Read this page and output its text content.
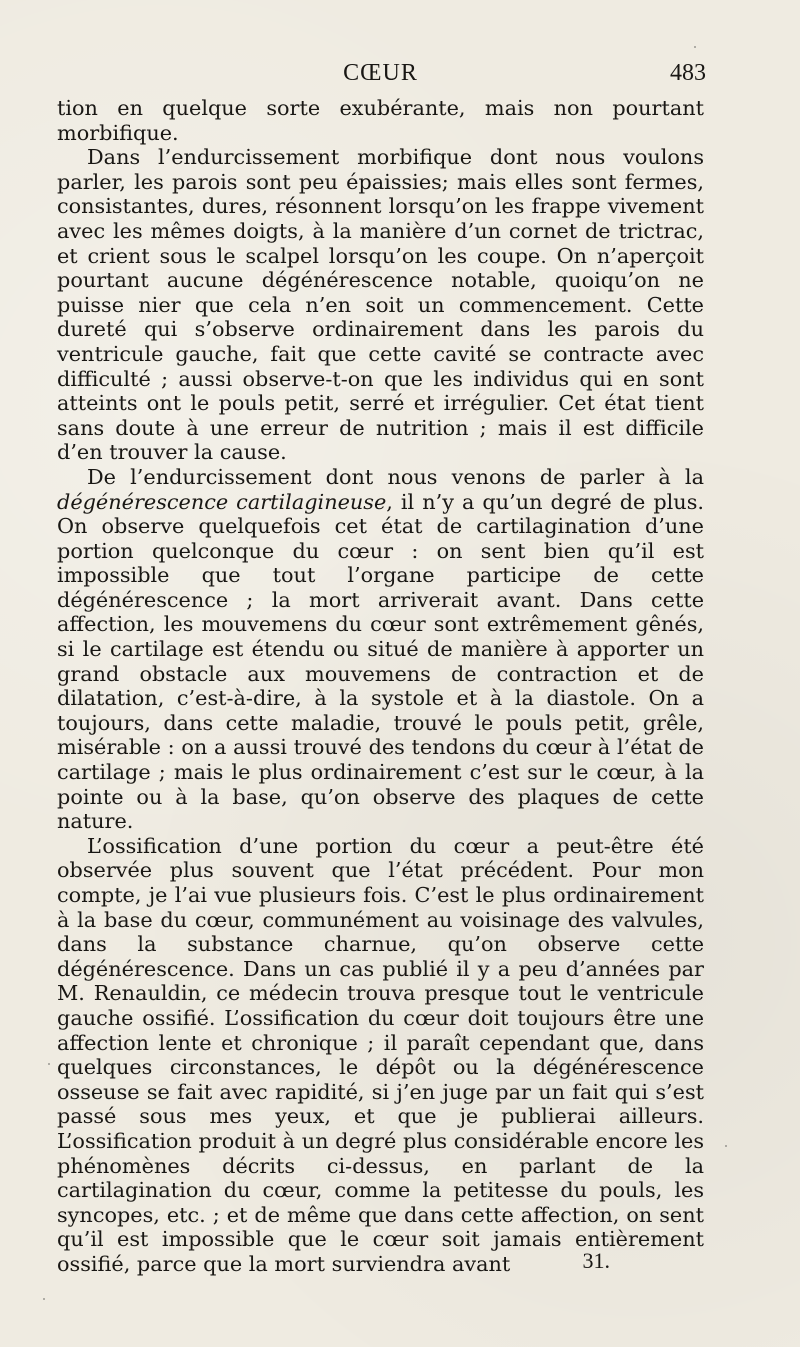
CŒUR	483

tion en quelque sorte exubérante, mais non pourtant morbifique.

Dans l’endurcissement morbifique dont nous voulons parler, les parois sont peu épaissies; mais elles sont fermes, consistantes, dures, résonnent lorsqu’on les frappe vivement avec les mêmes doigts, à la manière d’un cornet de trictrac, et crient sous le scalpel lorsqu’on les coupe. On n’aperçoit pourtant aucune dégénérescence notable, quoiqu’on ne puisse nier que cela n’en soit un commencement. Cette dureté qui s’observe ordinairement dans les parois du ventricule gauche, fait que cette cavité se contracte avec difficulté ; aussi observe-t-on que les individus qui en sont atteints ont le pouls petit, serré et irrégulier. Cet état tient sans doute à une erreur de nutrition ; mais il est difficile d’en trouver la cause.

De l’endurcissement dont nous venons de parler à la dégénérescence cartilagineuse, il n’y a qu’un degré de plus. On observe quelquefois cet état de cartilagination d’une portion quelconque du cœur : on sent bien qu’il est impossible que tout l’organe participe de cette dégénérescence ; la mort arriverait avant. Dans cette affection, les mouvemens du cœur sont extrêmement gênés, si le cartilage est étendu ou situé de manière à apporter un grand obstacle aux mouvemens de contraction et de dilatation, c’est-à-dire, à la systole et à la diastole. On a toujours, dans cette maladie, trouvé le pouls petit, grêle, misérable : on a aussi trouvé des tendons du cœur à l’état de cartilage ; mais le plus ordinairement c’est sur le cœur, à la pointe ou à la base, qu’on observe des plaques de cette nature.

L’ossification d’une portion du cœur a peut-être été observée plus souvent que l’état précédent. Pour mon compte, je l’ai vue plusieurs fois. C’est le plus ordinairement à la base du cœur, communément au voisinage des valvules, dans la substance charnue, qu’on observe cette dégénérescence. Dans un cas publié il y a peu d’années par M. Renauldin, ce médecin trouva presque tout le ventricule gauche ossifié. L’ossification du cœur doit toujours être une affection lente et chronique ; il paraît cependant que, dans quelques circonstances, le dépôt ou la dégénérescence osseuse se fait avec rapidité, si j’en juge par un fait qui s’est passé sous mes yeux, et que je publierai ailleurs. L’ossification produit à un degré plus considérable encore les phénomènes décrits ci-dessus, en parlant de la cartilagination du cœur, comme la petitesse du pouls, les syncopes, etc. ; et de même que dans cette affection, on sent qu’il est impossible que le cœur soit jamais entièrement ossifié, parce que la mort surviendra avant	31.
